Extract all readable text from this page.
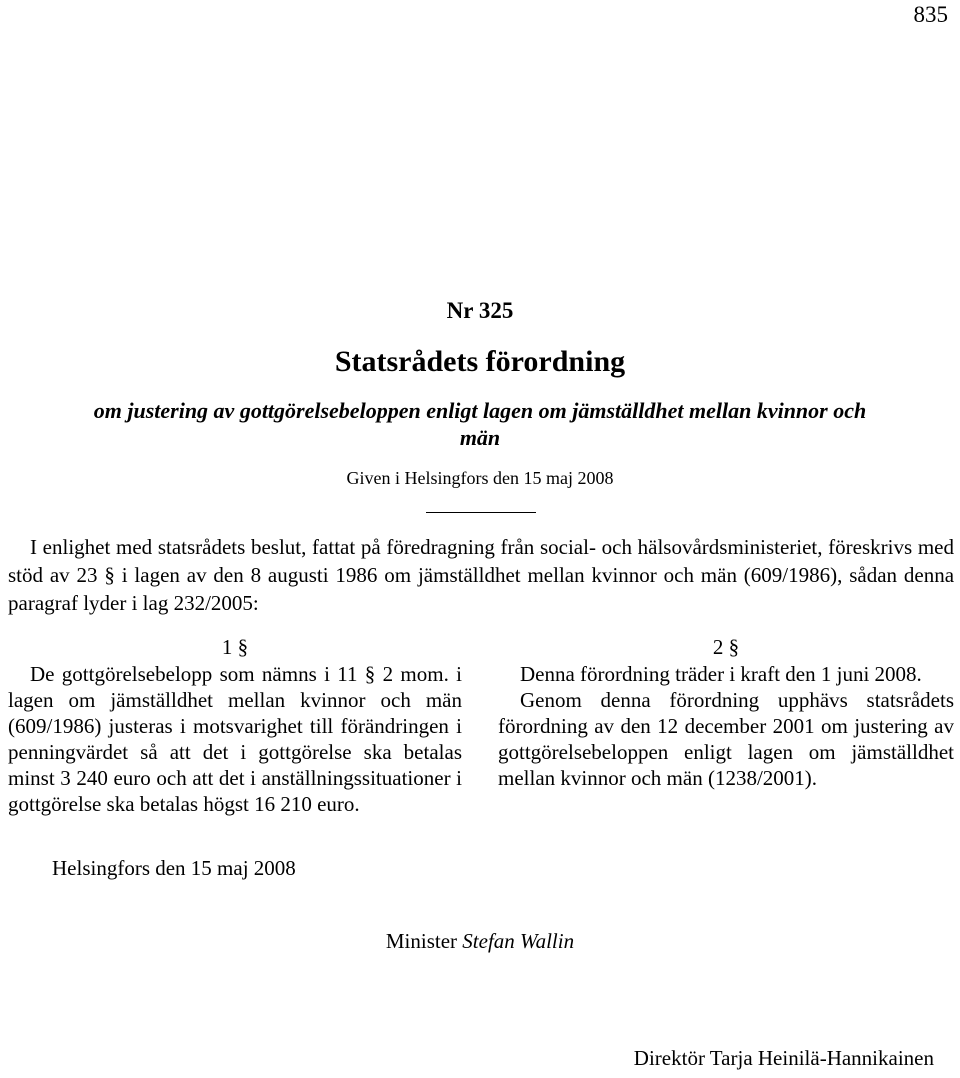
835
Nr 325
Statsrådets förordning
om justering av gottgörelsebeloppen enligt lagen om jämställdhet mellan kvinnor och
män
Given i Helsingfors den 15 maj 2008

I enlighet med statsrådets beslut, fattat på föredragning från social- och hälsovårdsministeriet, föreskrivs med stöd av 23 § i lagen av den 8 augusti 1986 om jämställdhet mellan kvinnor och män (609/1986), sådan denna paragraf lyder i lag 232/2005:

1 §

De gottgörelsebelopp som nämns i 11 § 2 mom. i lagen om jämställdhet mellan kvinnor och män (609/1986) justeras i motsvarighet till förändringen i penningvärdet så att det i gottgörelse ska betalas minst 3 240 euro och att det i anställningssituationer i gottgörelse ska betalas högst 16 210 euro.

2 §

Denna förordning träder i kraft den 1 juni 2008.

Genom denna förordning upphävs statsrådets förordning av den 12 december 2001 om justering av gottgörelsebeloppen enligt lagen om jämställdhet mellan kvinnor och män (1238/2001).

Helsingfors den 15 maj 2008
Minister Stefan Wallin
Direktör Tarja Heinilä-Hannikainen
